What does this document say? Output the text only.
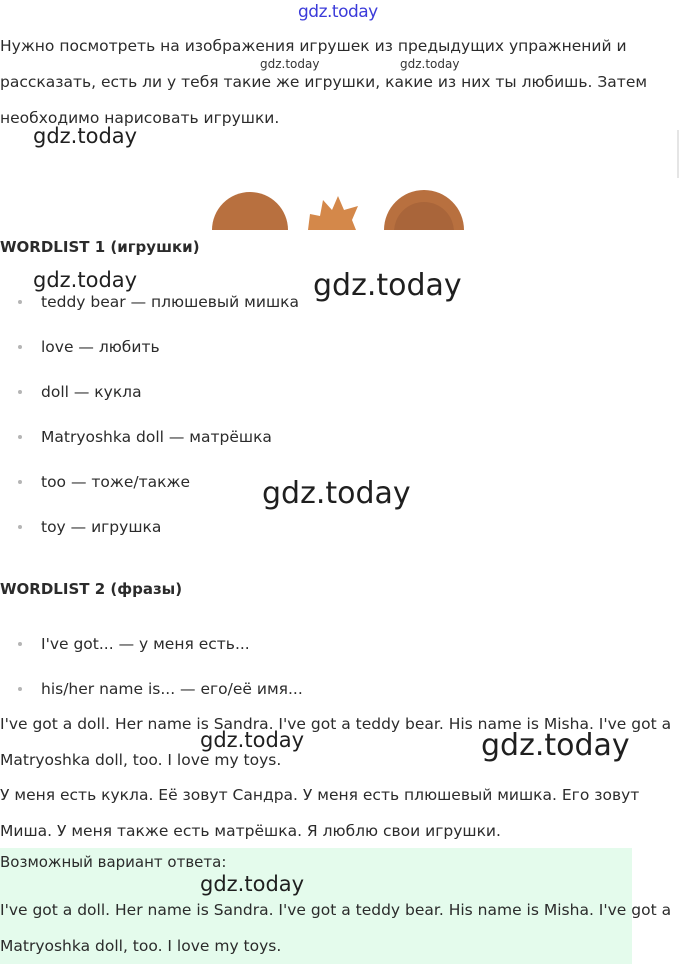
gdz.today
gdz.today	gdz.today

Нужно посмотреть на изображения игрушек из предыдущих упражнений и рассказать, есть ли у тебя такие же игрушки, какие из них ты любишь. Затем необходимо нарисовать игрушки.

gdz.today
WORDLIST 1 (игрушки)
gdz.today
teddy bear — плюшевый мишка
love — любить
doll — кукла
Matryoshka doll — матрёшка
too — тоже/также
toy — игрушка
gdz.today
gdz.today
WORDLIST 2 (фразы)
I've got... — у меня есть...
his/her name is... — его/её имя...

I've got a doll. Her name is Sandra. I've got a teddy bear. His name is Misha. I've got a Matryoshka doll, too. I love my toys.

gdz.today	gdz.today

У меня есть кукла. Её зовут Сандра. У меня есть плюшевый мишка. Его зовут Миша. У меня также есть матрёшка. Я люблю свои игрушки.

Возможный вариант ответа:
gdz.today

I've got a doll. Her name is Sandra. I've got a teddy bear. His name is Misha. I've got a Matryoshka doll, too. I love my toys.
